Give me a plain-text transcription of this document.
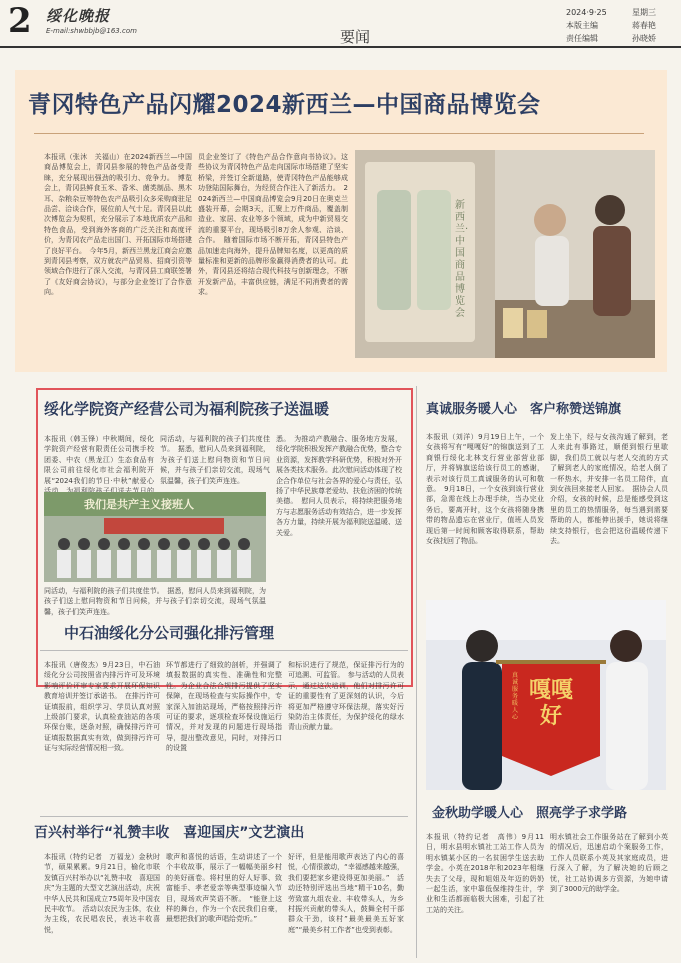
2 绥化晚报
E-mail:shwbbjb@163.com	要闻
2024·9·25	星期三
本版主编	蒋春艳
责任编辑	孙晓娇
青冈特色产品闪耀2024新西兰—中国商品博览会

本报讯（张沐　关福山）在2024新西兰—中国商品博览会上，青冈县参展的特色产品备受青睐，充分展现出强劲的吸引力、竞争力。　博览会上，青冈县鲜食玉米、香米、菌类制品、黑木耳、杂粮杂豆等特色农产品吸引众多采购商驻足品尝、洽谈合作，展位前人气十足。青冈县以此次博览会为契机，充分展示了本地优质农产品和特色食品，受到海外客商的广泛关注和高度评价，为青冈农产品走出国门、开拓国际市场搭建了良好平台。　今年5月，新西兰黑龙江商会应邀到青冈县考察，双方就农产品贸易、招商引资等领域合作进行了深入交流，与青冈县工商联签署了《友好商会协议》，与部分企业签订了合作意向。

员企业签订了《特色产品合作意向书协议》。这些协议为青冈特色产品走向国际市场搭建了坚实桥梁，并签订全新道路，使青冈特色产品能够成功登陆国际舞台，为经贸合作注入了新活力。　2024新西兰—中国商品博览会9月20日在奥克兰盛装开幕，会期3天，汇聚上万件商品，覆盖制造业、家居、农业等多个领域，成为中新贸易交流的重要平台，现场吸引8万余人参观、洽谈、合作。　随着国际市场不断开拓，青冈县特色产品加速走向海外，提升品牌知名度，以更高的质量标准和更新的品牌形象赢得消费者的认可。此外，青冈县还将结合现代科技与创新理念，不断开发新产品，丰富供应链，满足不同消费者的需求。

新西兰·中国商品博览会
绥化学院资产经营公司为福利院孩子送温暖

本报讯（韩玉锋）中秋期间，绥化学院资产经营有限责任公司携手校团委、中农（黑龙江）生态食品有限公司前往绥化市社会福利院开展“2024我们的节日·中秋”献爱心

同活动，与福利院的孩子们共度佳节。　据悉，慰问人员来到福利院，为孩子们送上慰问物资和节日问候，并与孩子们亲切交流，现场气氛温馨，孩子们笑声连连。

悉。　为推动产教融合、服务地方发展，绥化学院积极发挥产教融合优势，整合专业资源，发挥教学科研优势，积极对外开展各类技术服务。此次慰问活动体现了校企合作单位与社会各界的爱心与责任，弘扬了中华民族尊老爱幼、扶危济困的传统美德。　慰问人员表示，将持续把服务地方与志愿服务活动有效结合，进一步发挥各方力量，持续开展为福利院送温暖、送关爱。

我们是共产主义接班人

同活动，与福利院的孩子们共度佳节。　据悉，慰问人员来到福利院，为孩子们送上慰问物资和节日问候，并与孩子们亲切交流，现场气氛温馨，孩子们笑声连连。

中石油绥化分公司强化排污管理

本报讯（唐俊杰）9月23日，中石油绥化分公司按照省内排污许可及环境影响评价评审专家要求开展环保知识教育培训并签订承诺书。　在排污许可证填报前，组织学习、学员认真对照上级部门要求，认真检查油站的各项环保台账，逐条对照，确保排污许可证填报数据真实有效，做到排污许可证与实际经营情况相一致。

环节都进行了细致的剖析，并强调了填报数据的真实性、准确性和完整性。为企业合法合规排污提供了坚实保障，在现场检查与实际操作中，专家深入加油站现场，严格按照排污许可证的要求，逐项检查环保设施运行情况，并对发现的问题进行现场指导，提出整改意见，同时，对排污口的设置

和标识进行了规范，保证排污行为的可追溯、可监管。　参与活动的人员表示，通过这次培训，他们对排污许可证的重要性有了更深刻的认识，今后将更加严格遵守环保法规，落实好污染防治主体责任，为保护绥化的绿水青山贡献力量。

百兴村举行“礼赞丰收　喜迎国庆”文艺演出

本报讯（特约记者　万福龙）金秋时节，硕果累累。9月21日，榆化市联发镇百兴村举办以“礼赞丰收　喜迎国庆”为主题的大型文艺演出活动，庆祝中华人民共和国成立75周年及中国农民丰收节。　活动以农民为主体，农业为主线，农民唱农民，表达丰收喜悦，

歌声和喜悦的话语，生动讲述了一个个丰收故事，展示了一幅幅美丽乡村的美好画卷。将村里的好人好事、致富能手、孝老爱亲等典型事迹编入节目，现场欢声笑语不断。　“能登上这样的舞台，作为一个农民我们自豪，最想把我们的歌声唱给党听。”

好评，但是能用歌声表达了内心的喜悦，心情很激动，“幸福感越来越强，我们要把家乡建设得更加美丽。”　活动还特别评选出当地“精干10名，勤劳致富九组农业、丰收带头人，为乡村振兴贡献的带头人，鼓舞全村干部群众干劲，该村”最美最美五好家庭”“最美乡村工作者”也受到表彰。

真诚服务暖人心　客户称赞送锦旗

本报讯（刘洋）9月19日上午，一个女孩将写有“嘎嘎好”的锦旗送到了工商银行绥化北林支行营业部营业部厅，并将锦旗送给该行员工的感谢，表示对该行员工真诚服务的认可和敬意。　9月18日，一个女孩到该行营业部，急需在线上办理手续，当办完业务后，要离开时，这个女孩将随身携带的物品遗忘在营业厅，值班人员发现后第一时间和顾客取得联系，帮助女孩找回了物品。

发上坐下，经与女孩沟通了解到，老人来此有事路过，顺便到银行里歇脚，我们员工就以与老人交流的方式了解到老人的家庭情况，给老人倒了一杯热水，并安排一名员工陪伴，直到女孩回来接老人回家。　据协会人员介绍，女孩的时候，总是能感受到这里的员工的热情服务，每当遇到需要帮助的人，都能伸出援手，她说将继续支持银行，也会把这份温暖传递下去。

嘎嘎好
真诚服务暖人心
金秋助学暖人心　照亮学子求学路

本报讯（特约记者　高伟）9月11日，明水县明水镇社工站工作人员为明水镇某小区的一名贫困学生送去助学金。小英在2018年和2023年相继失去了父母，现和姐姐及年迈的奶奶一起生活，家中靠低保维持生计，学业和生活都面临极大困难，引起了社工站的关注。

明水镇社会工作服务站在了解到小英的情况后，迅速启动个案服务工作，工作人员联系小英及其家庭成员，进行深入了解，为了解决她的后顾之忧，社工站协调多方资源，为她申请到了3000元的助学金。
